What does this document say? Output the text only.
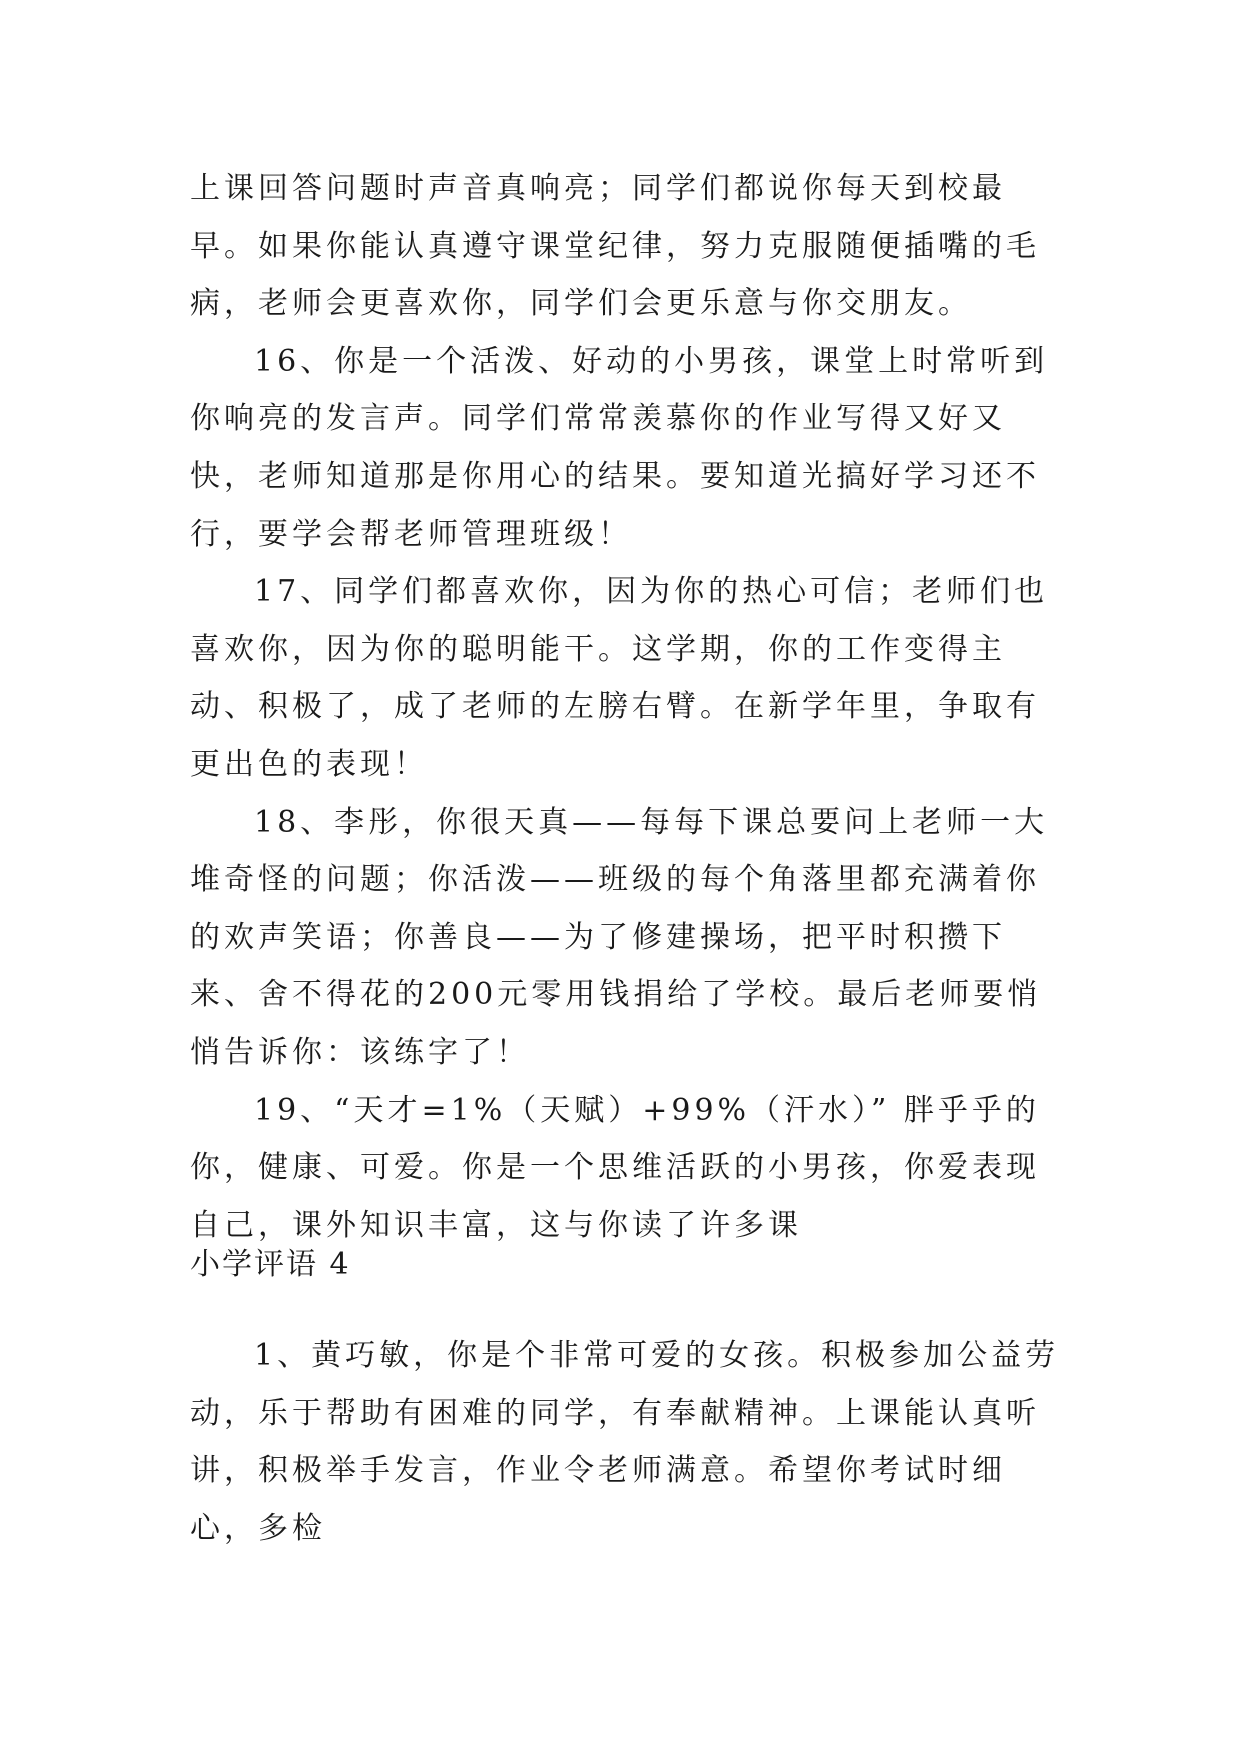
上课回答问题时声音真响亮；同学们都说你每天到校最早。如果你能认真遵守课堂纪律，努力克服随便插嘴的毛病，老师会更喜欢你，同学们会更乐意与你交朋友。

16、你是一个活泼、好动的小男孩，课堂上时常听到你响亮的发言声。同学们常常羡慕你的作业写得又好又快，老师知道那是你用心的结果。要知道光搞好学习还不行，要学会帮老师管理班级！

17、同学们都喜欢你，因为你的热心可信；老师们也喜欢你，因为你的聪明能干。这学期，你的工作变得主动、积极了，成了老师的左膀右臂。在新学年里，争取有更出色的表现！

18、李彤，你很天真——每每下课总要问上老师一大堆奇怪的问题；你活泼——班级的每个角落里都充满着你的欢声笑语；你善良——为了修建操场，把平时积攒下来、舍不得花的200元零用钱捐给了学校。最后老师要悄悄告诉你：该练字了！

19、“天才=1%（天赋）+99%（汗水）” 胖乎乎的你，健康、可爱。你是一个思维活跃的小男孩，你爱表现自己，课外知识丰富，这与你读了许多课

小学评语 4

1、黄巧敏，你是个非常可爱的女孩。积极参加公益劳动，乐于帮助有困难的同学，有奉献精神。上课能认真听讲，积极举手发言，作业令老师满意。希望你考试时细心，多检
